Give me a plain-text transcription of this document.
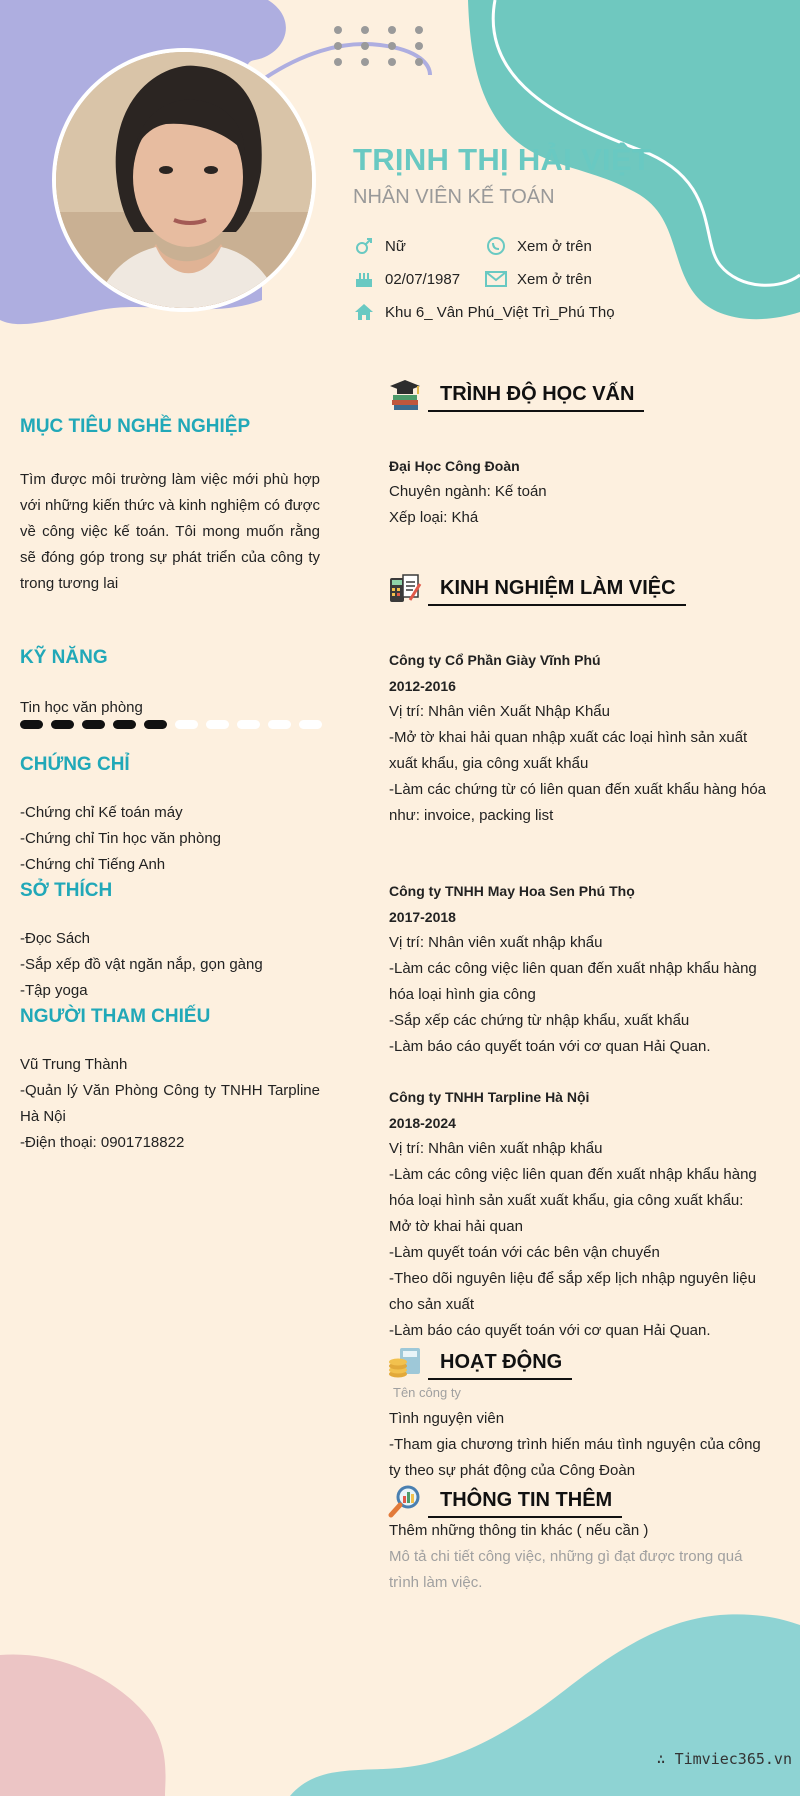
TRỊNH THỊ HẢI VIỆT
NHÂN VIÊN KẾ TOÁN
Nữ	Xem ở trên
02/07/1987	Xem ở trên
Khu 6_ Vân Phú_Việt Trì_Phú Thọ
MỤC TIÊU NGHỀ NGHIỆP
Tìm được môi trường làm việc mới phù hợp với những kiến thức và kinh nghiệm có được về công việc kế toán. Tôi mong muốn rằng sẽ đóng góp trong sự phát triển của công ty trong tương lai
KỸ NĂNG
Tin học văn phòng
CHỨNG CHỈ
-Chứng chỉ Kế toán máy
-Chứng chỉ Tin học văn phòng
-Chứng chỉ Tiếng Anh
SỞ THÍCH
-Đọc Sách
-Sắp xếp đồ vật ngăn nắp, gọn gàng
-Tập yoga
NGƯỜI THAM CHIẾU
Vũ Trung Thành
-Quản lý Văn Phòng Công ty TNHH Tarpline Hà Nội
-Điện thoại: 0901718822
TRÌNH ĐỘ HỌC VẤN
Đại Học Công Đoàn
Chuyên ngành: Kế toán
Xếp loại: Khá
KINH NGHIỆM LÀM VIỆC
Công ty Cổ Phần Giày Vĩnh Phú
2012-2016
Vị trí: Nhân viên Xuất Nhập Khẩu
-Mở tờ khai hải quan nhập xuất các loại hình sản xuất xuất khẩu, gia công xuất khẩu
-Làm các chứng từ có liên quan đến xuất khẩu hàng hóa như: invoice, packing list
Công ty TNHH May Hoa Sen Phú Thọ
2017-2018
Vị trí: Nhân viên xuất nhập khẩu
-Làm các công việc liên quan đến xuất nhập khẩu hàng hóa loại hình gia công
-Sắp xếp các chứng từ nhập khẩu, xuất khẩu
-Làm báo cáo quyết toán với cơ quan Hải Quan.
Công ty TNHH Tarpline Hà Nội
2018-2024
Vị trí: Nhân viên xuất nhập khẩu
-Làm các công việc liên quan đến xuất nhập khẩu hàng hóa loại hình sản xuất xuất khẩu, gia công xuất khẩu: Mở tờ khai hải quan
-Làm quyết toán với các bên vận chuyển
-Theo dõi nguyên liệu để sắp xếp lịch nhập nguyên liệu cho sản xuất
-Làm báo cáo quyết toán với cơ quan Hải Quan.
HOẠT ĐỘNG
Tên công ty
Tình nguyện viên
-Tham gia chương trình hiến máu tình nguyện của công ty theo sự phát động của Công Đoàn
THÔNG TIN THÊM
Thêm những thông tin khác ( nếu cần )
Mô tả chi tiết công việc, những gì đạt được trong quá trình làm việc.
∴ Timviec365.vn
